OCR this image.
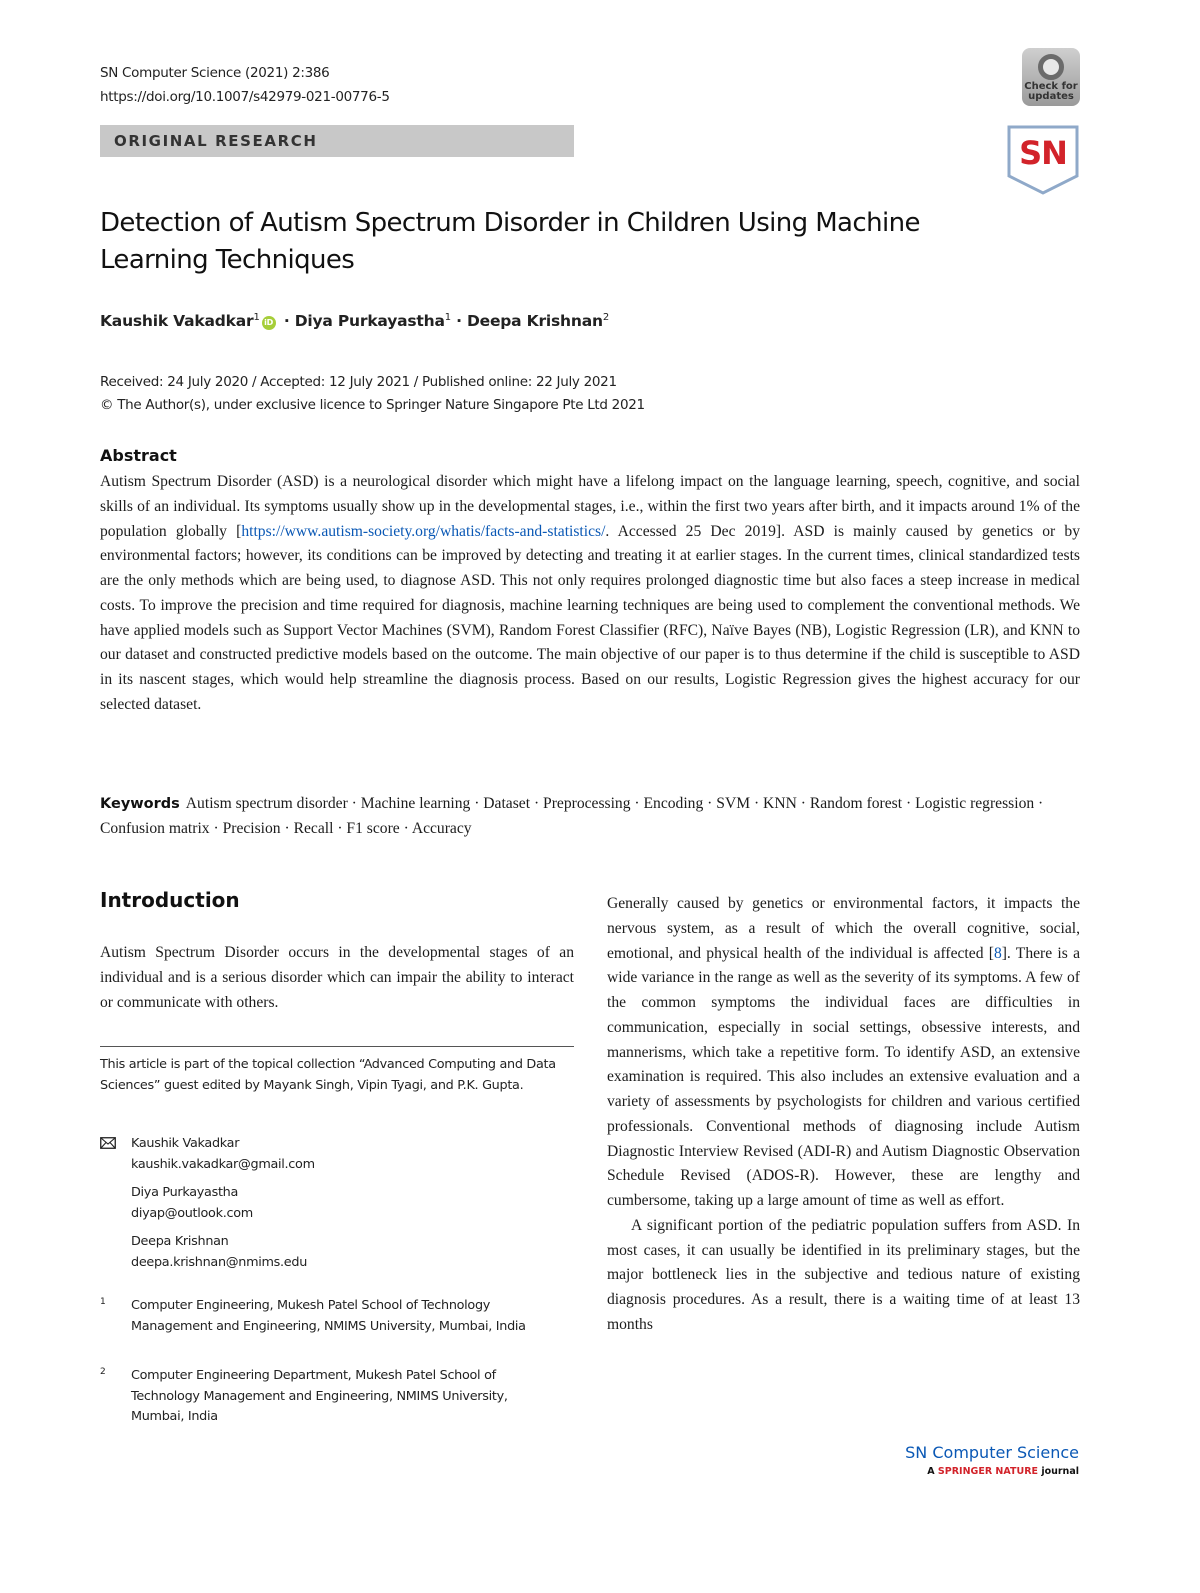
SN Computer Science (2021) 2:386
https://doi.org/10.1007/s42979-021-00776-5
Check for
updates
ORIGINAL RESEARCH	SN
Detection of Autism Spectrum Disorder in Children Using Machine Learning Techniques
Kaushik Vakadkar$^1$ iD · Diya Purkayastha$^1$ · Deepa Krishnan$^2$
Received: 24 July 2020 / Accepted: 12 July 2021 / Published online: 22 July 2021
© The Author(s), under exclusive licence to Springer Nature Singapore Pte Ltd 2021
Abstract
Autism Spectrum Disorder (ASD) is a neurological disorder which might have a lifelong impact on the language learning, speech, cognitive, and social skills of an individual. Its symptoms usually show up in the developmental stages, i.e., within the first two years after birth, and it impacts around 1% of the population globally [https://www.autism-society.org/whatis/facts-and-statistics/. Accessed 25 Dec 2019]. ASD is mainly caused by genetics or by environmental factors; however, its conditions can be improved by detecting and treating it at earlier stages. In the current times, clinical standardized tests are the only methods which are being used, to diagnose ASD. This not only requires prolonged diagnostic time but also faces a steep increase in medical costs. To improve the precision and time required for diagnosis, machine learning techniques are being used to complement the conventional methods. We have applied models such as Support Vector Machines (SVM), Random Forest Classifier (RFC), Naïve Bayes (NB), Logistic Regression (LR), and KNN to our dataset and constructed predictive models based on the outcome. The main objective of our paper is to thus determine if the child is susceptible to ASD in its nascent stages, which would help streamline the diagnosis process. Based on our results, Logistic Regression gives the highest accuracy for our selected dataset.
Keywords Autism spectrum disorder · Machine learning · Dataset · Preprocessing · Encoding · SVM · KNN · Random forest · Logistic regression · Confusion matrix · Precision · Recall · F1 score · Accuracy
Introduction

Autism Spectrum Disorder occurs in the developmental stages of an individual and is a serious disorder which can impair the ability to interact or communicate with others.

Generally caused by genetics or environmental factors, it impacts the nervous system, as a result of which the overall cognitive, social, emotional, and physical health of the individual is affected [8]. There is a wide variance in the range as well as the severity of its symptoms. A few of the common symptoms the individual faces are difficulties in communication, especially in social settings, obsessive interests, and mannerisms, which take a repetitive form. To identify ASD, an extensive examination is required. This also includes an extensive evaluation and a variety of assessments by psychologists for children and various certified professionals. Conventional methods of diagnosing include Autism Diagnostic Interview Revised (ADI-R) and Autism Diagnostic Observation Schedule Revised (ADOS-R). However, these are lengthy and cumbersome, taking up a large amount of time as well as effort.

A significant portion of the pediatric population suffers from ASD. In most cases, it can usually be identified in its preliminary stages, but the major bottleneck lies in the subjective and tedious nature of existing diagnosis procedures. As a result, there is a waiting time of at least 13 months

This article is part of the topical collection “Advanced Computing and Data Sciences” guest edited by Mayank Singh, Vipin Tyagi, and P.K. Gupta.
Kaushik Vakadkar
kaushik.vakadkar@gmail.com
Diya Purkayastha
diyap@outlook.com
Deepa Krishnan
deepa.krishnan@nmims.edu
1 Computer Engineering, Mukesh Patel School of Technology Management and Engineering, NMIMS University, Mumbai, India
2 Computer Engineering Department, Mukesh Patel School of Technology Management and Engineering, NMIMS University, Mumbai, India
SN Computer Science
A SPRINGER NATURE journal
